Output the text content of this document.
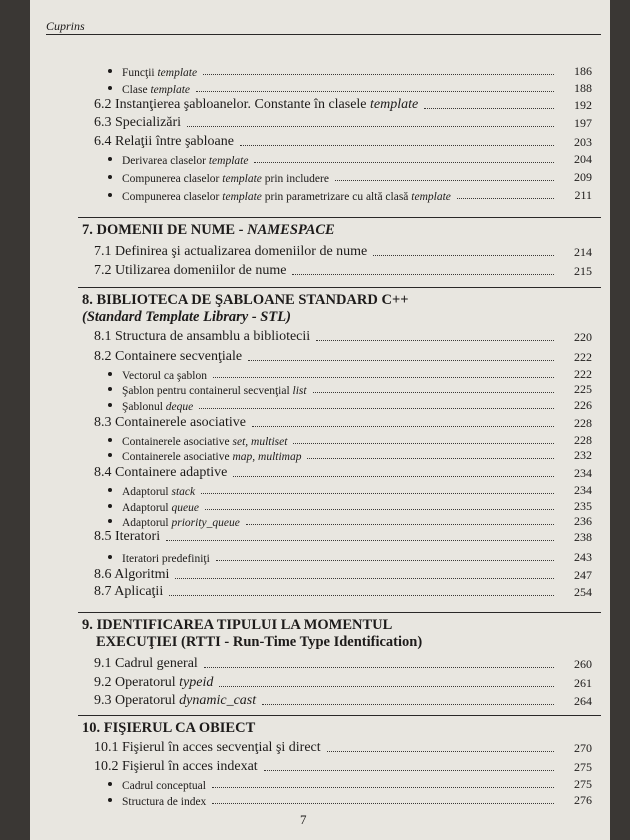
Cuprins
7. DOMENII DE NUME - NAMESPACE
8. BIBLIOTECA DE ŞABLOANE STANDARD C++
(Standard Template Library - STL)
9. IDENTIFICAREA TIPULUI LA MOMENTUL
EXECUŢIEI (RTTI - Run-Time Type Identification)
10. FIŞIERUL CA OBIECT
Funcţii template	186
Clase template	188
6.2 Instanţierea şabloanelor. Constante în clasele template	192
6.3 Specializări	197
6.4 Relaţii între şabloane	203
Derivarea claselor template	204
Compunerea claselor template prin includere	209
Compunerea claselor template prin parametrizare cu altă clasă template	211
7.1 Definirea şi actualizarea domeniilor de nume	214
7.2 Utilizarea domeniilor de nume	215
8.1 Structura de ansamblu a bibliotecii	220
8.2 Containere secvenţiale	222
Vectorul ca şablon	222
Şablon pentru containerul secvenţial list	225
Şablonul deque	226
8.3 Containerele asociative	228
Containerele asociative set, multiset	228
Containerele asociative map, multimap	232
8.4 Containere adaptive	234
Adaptorul stack	234
Adaptorul queue	235
Adaptorul priority_queue	236
8.5 Iteratori	238
Iteratori predefiniţi	243
8.6 Algoritmi	247
8.7 Aplicaţii	254
9.1 Cadrul general	260
9.2 Operatorul typeid	261
9.3 Operatorul dynamic_cast	264
10.1 Fişierul în acces secvenţial şi direct	270
10.2 Fişierul în acces indexat	275
Cadrul conceptual	275
Structura de index	276
7
